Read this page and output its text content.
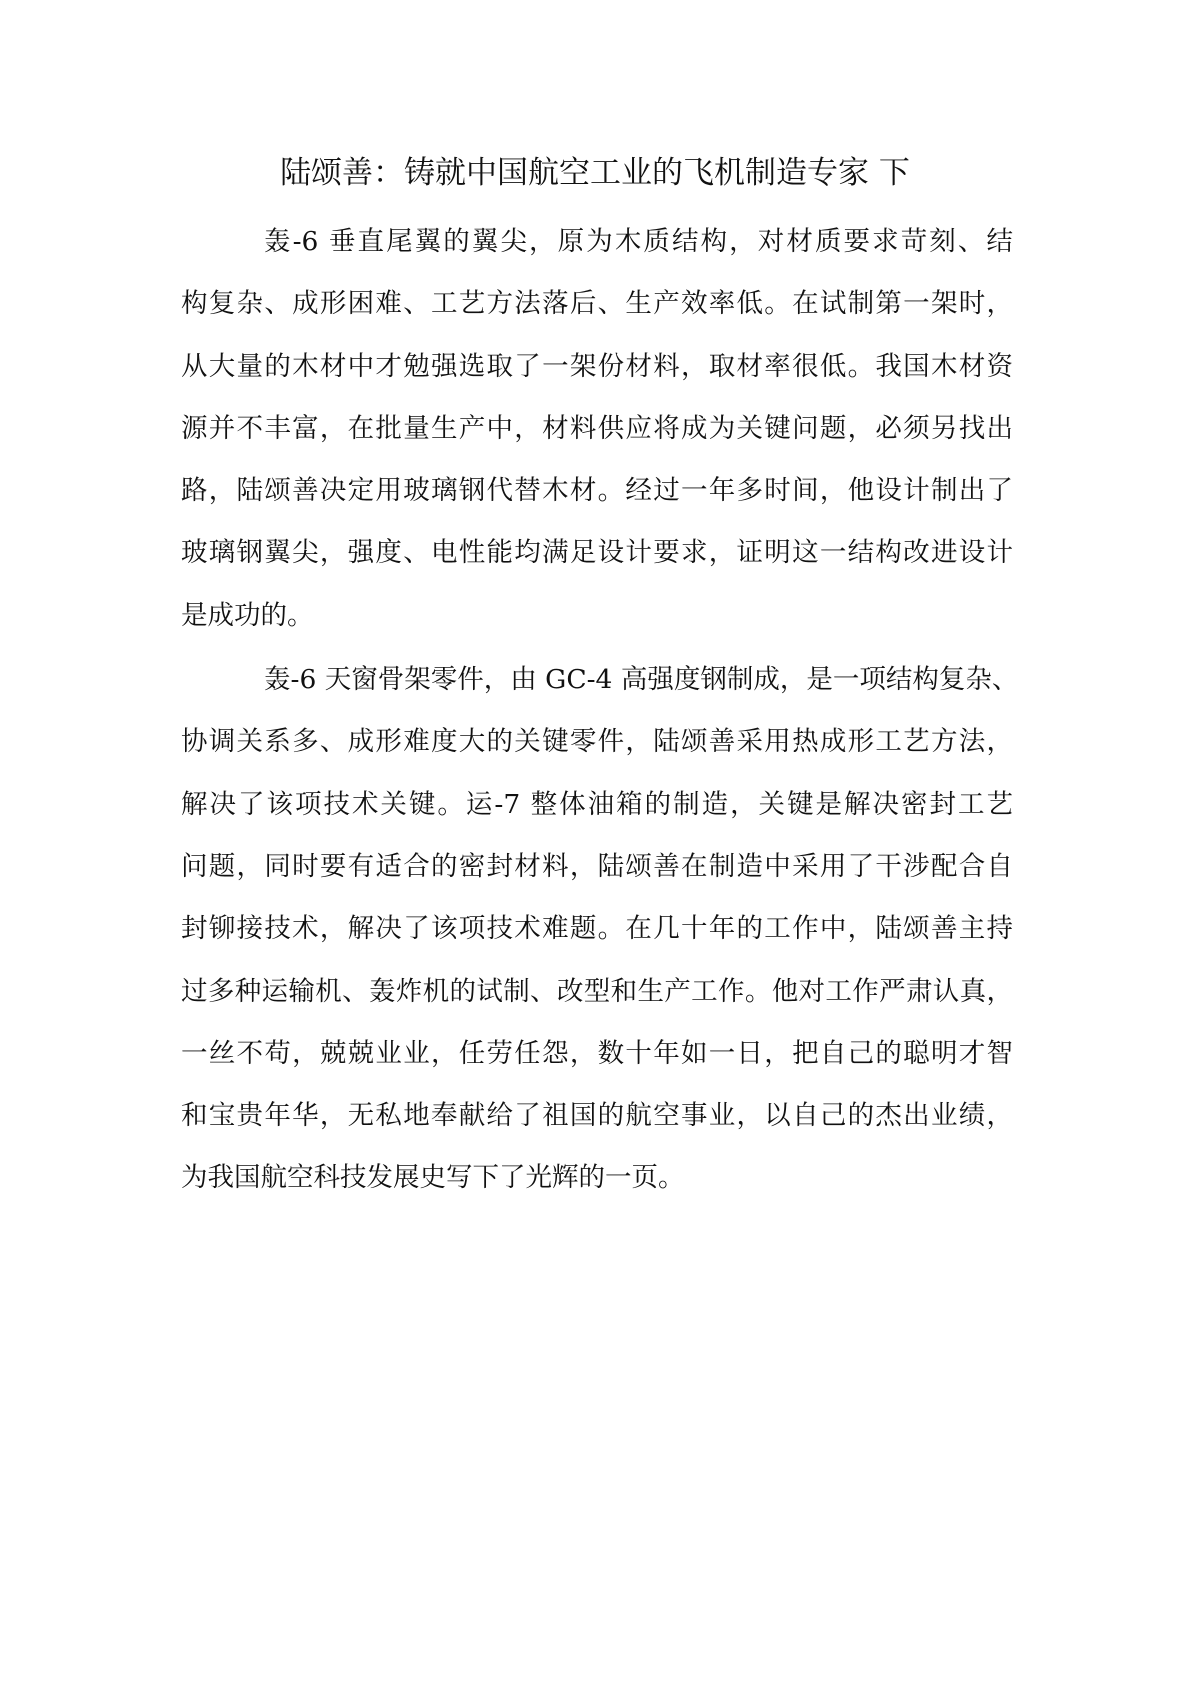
陆颂善：铸就中国航空工业的飞机制造专家 下

轰-6 垂直尾翼的翼尖，原为木质结构，对材质要求苛刻、结
构复杂、成形困难、工艺方法落后、生产效率低。在试制第一架时，
从大量的木材中才勉强选取了一架份材料，取材率很低。我国木材资
源并不丰富，在批量生产中，材料供应将成为关键问题，必须另找出
路，陆颂善决定用玻璃钢代替木材。经过一年多时间，他设计制出了
玻璃钢翼尖，强度、电性能均满足设计要求，证明这一结构改进设计
是成功的。

轰-6 天窗骨架零件，由 GC-4 高强度钢制成，是一项结构复杂、
协调关系多、成形难度大的关键零件，陆颂善采用热成形工艺方法，
解决了该项技术关键。运-7 整体油箱的制造，关键是解决密封工艺
问题，同时要有适合的密封材料，陆颂善在制造中采用了干涉配合自
封铆接技术，解决了该项技术难题。在几十年的工作中，陆颂善主持
过多种运输机、轰炸机的试制、改型和生产工作。他对工作严肃认真，
一丝不苟，兢兢业业，任劳任怨，数十年如一日，把自己的聪明才智
和宝贵年华，无私地奉献给了祖国的航空事业，以自己的杰出业绩，
为我国航空科技发展史写下了光辉的一页。
